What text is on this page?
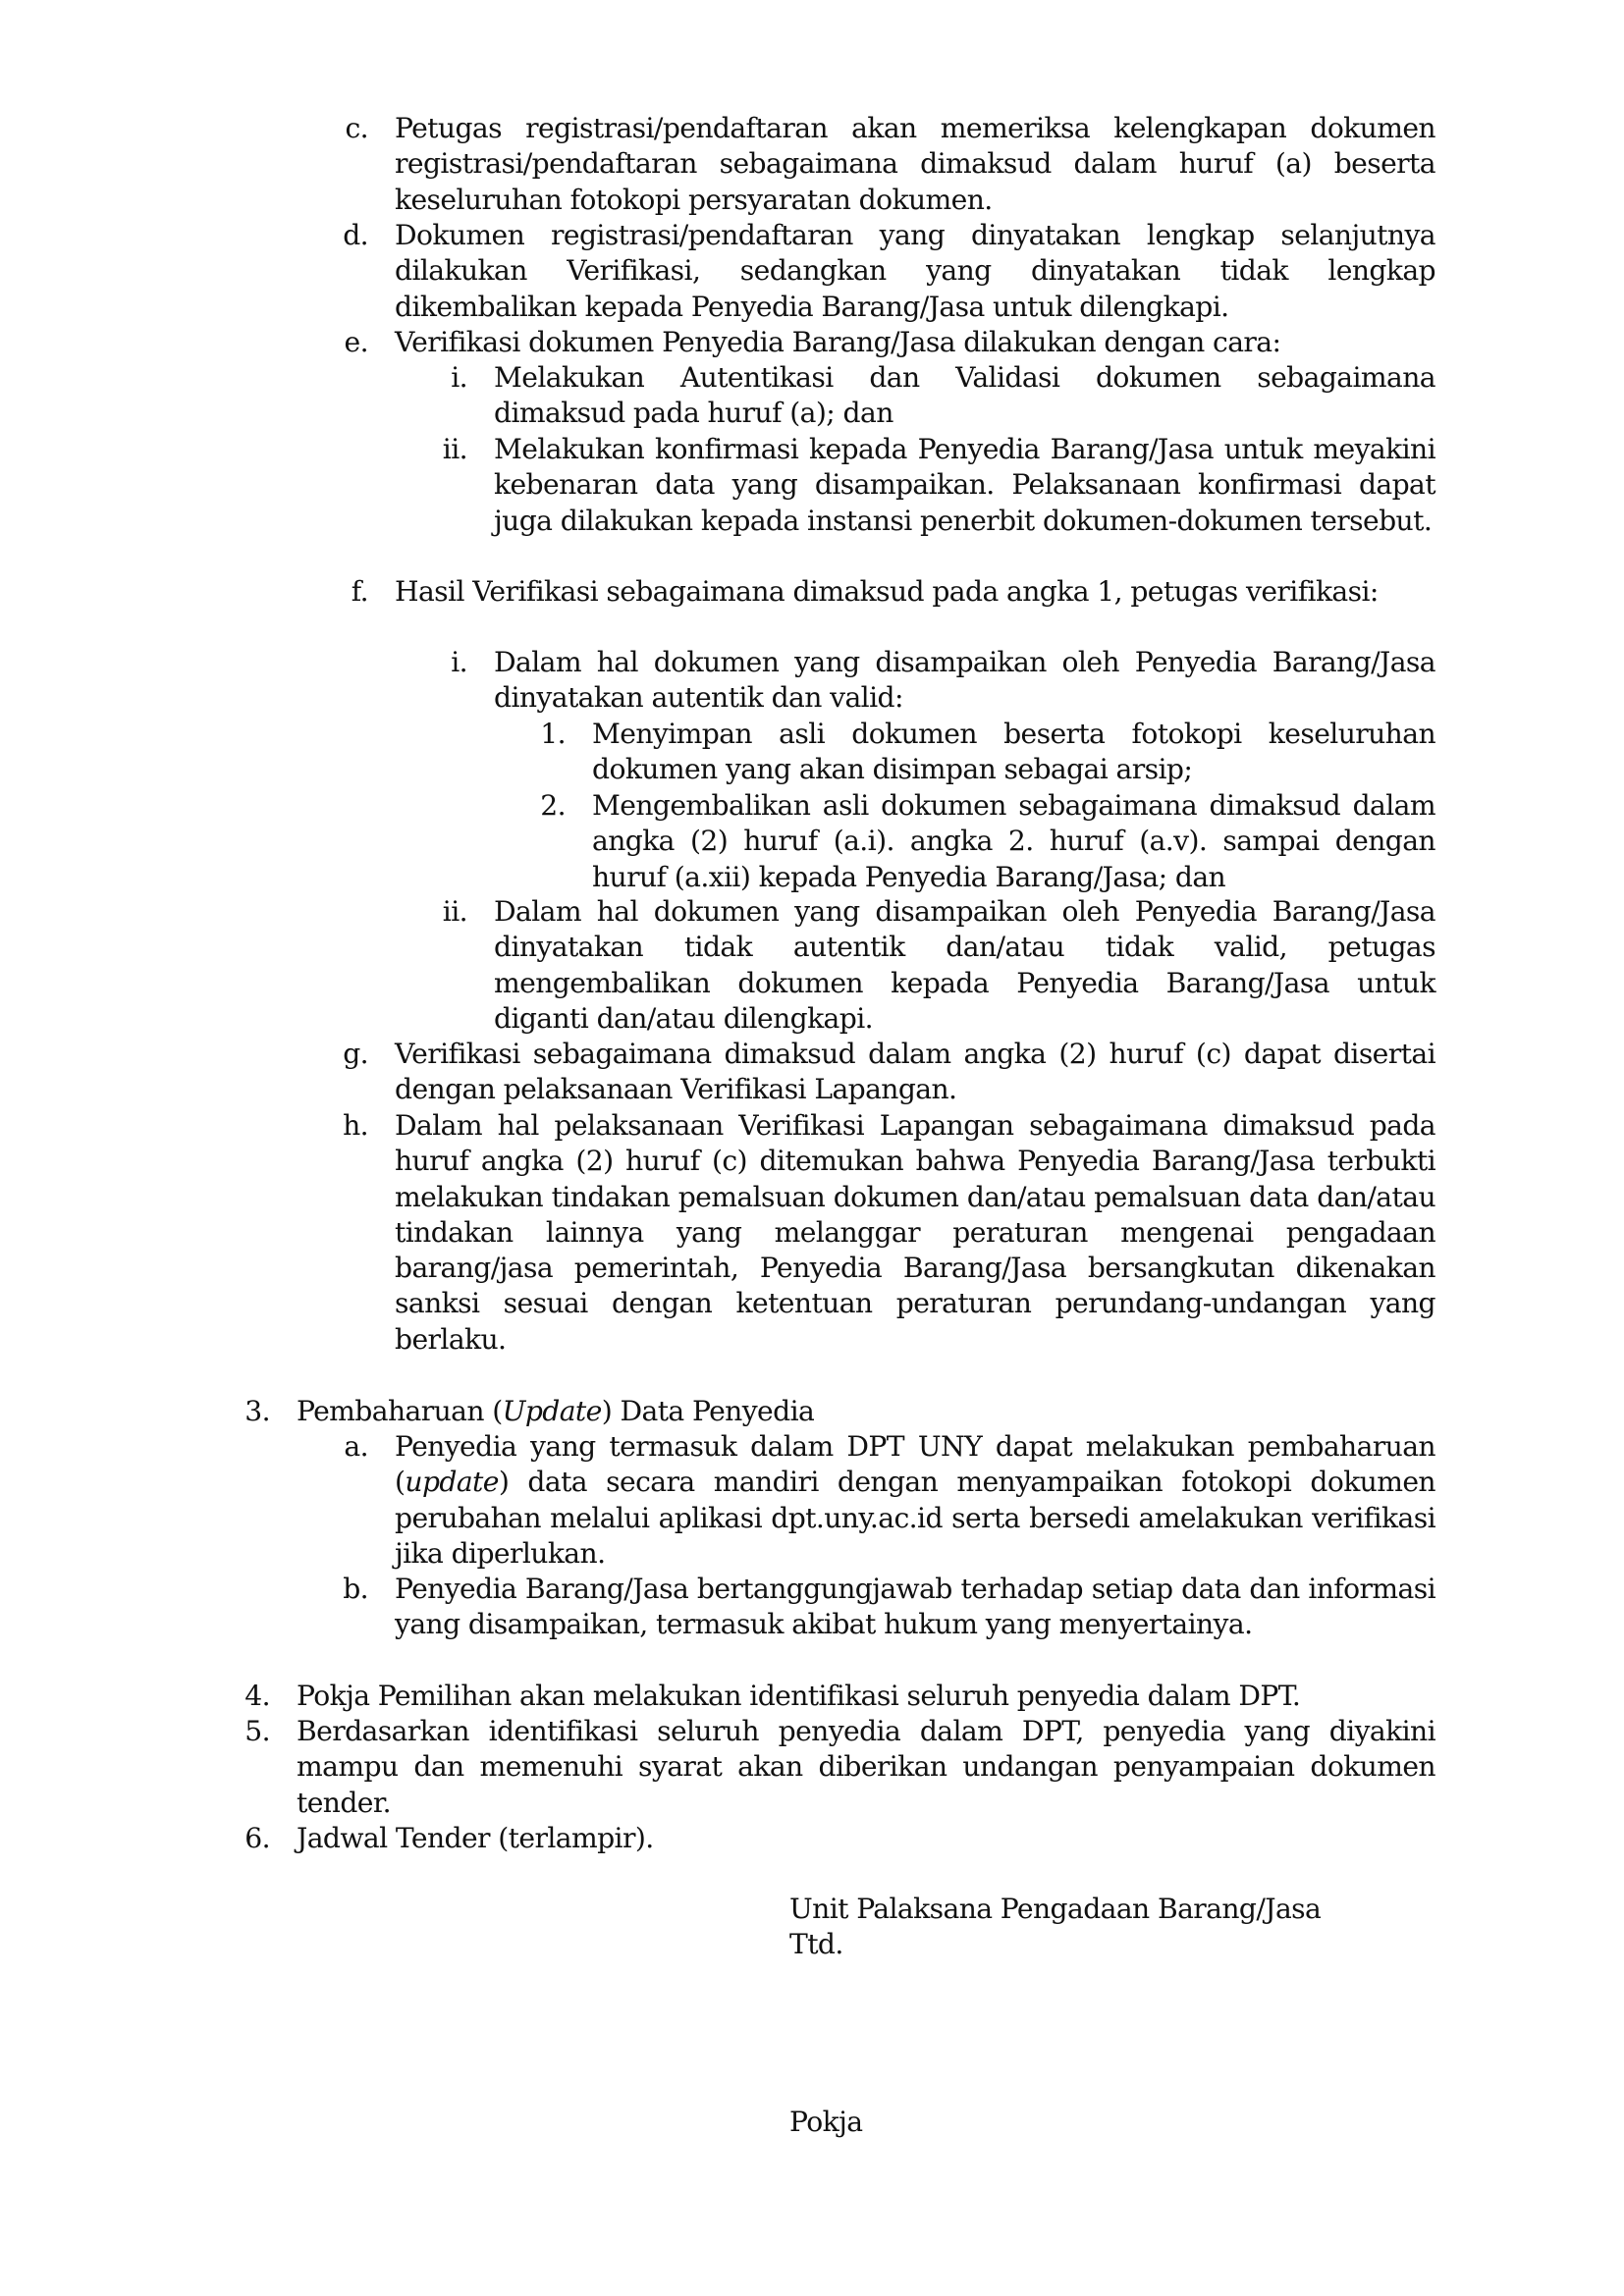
c. Petugas registrasi/pendaftaran akan memeriksa kelengkapan dokumen registrasi/pendaftaran sebagaimana dimaksud dalam huruf (a) beserta keseluruhan fotokopi persyaratan dokumen.
d. Dokumen registrasi/pendaftaran yang dinyatakan lengkap selanjutnya dilakukan Verifikasi, sedangkan yang dinyatakan tidak lengkap dikembalikan kepada Penyedia Barang/Jasa untuk dilengkapi.
e. Verifikasi dokumen Penyedia Barang/Jasa dilakukan dengan cara:
i. Melakukan Autentikasi dan Validasi dokumen sebagaimana dimaksud pada huruf (a); dan
ii. Melakukan konfirmasi kepada Penyedia Barang/Jasa untuk meyakini kebenaran data yang disampaikan. Pelaksanaan konfirmasi dapat juga dilakukan kepada instansi penerbit dokumen-dokumen tersebut.
f. Hasil Verifikasi sebagaimana dimaksud pada angka 1, petugas verifikasi:
i. Dalam hal dokumen yang disampaikan oleh Penyedia Barang/Jasa dinyatakan autentik dan valid:
1. Menyimpan asli dokumen beserta fotokopi keseluruhan dokumen yang akan disimpan sebagai arsip;
2. Mengembalikan asli dokumen sebagaimana dimaksud dalam angka (2) huruf (a.i). angka 2. huruf (a.v). sampai dengan huruf (a.xii) kepada Penyedia Barang/Jasa; dan
ii. Dalam hal dokumen yang disampaikan oleh Penyedia Barang/Jasa dinyatakan tidak autentik dan/atau tidak valid, petugas mengembalikan dokumen kepada Penyedia Barang/Jasa untuk diganti dan/atau dilengkapi.
g. Verifikasi sebagaimana dimaksud dalam angka (2) huruf (c) dapat disertai dengan pelaksanaan Verifikasi Lapangan.
h. Dalam hal pelaksanaan Verifikasi Lapangan sebagaimana dimaksud pada huruf angka (2) huruf (c) ditemukan bahwa Penyedia Barang/Jasa terbukti melakukan tindakan pemalsuan dokumen dan/atau pemalsuan data dan/atau tindakan lainnya yang melanggar peraturan mengenai pengadaan barang/jasa pemerintah, Penyedia Barang/Jasa bersangkutan dikenakan sanksi sesuai dengan ketentuan peraturan perundang-undangan yang berlaku.
3. Pembaharuan (Update) Data Penyedia
a. Penyedia yang termasuk dalam DPT UNY dapat melakukan pembaharuan (update) data secara mandiri dengan menyampaikan fotokopi dokumen perubahan melalui aplikasi dpt.uny.ac.id serta bersedi amelakukan verifikasi jika diperlukan.
b. Penyedia Barang/Jasa bertanggungjawab terhadap setiap data dan informasi yang disampaikan, termasuk akibat hukum yang menyertainya.
4. Pokja Pemilihan akan melakukan identifikasi seluruh penyedia dalam DPT.
5. Berdasarkan identifikasi seluruh penyedia dalam DPT, penyedia yang diyakini mampu dan memenuhi syarat akan diberikan undangan penyampaian dokumen tender.
6. Jadwal Tender (terlampir).
Unit Palaksana Pengadaan Barang/Jasa
Ttd.
Pokja
